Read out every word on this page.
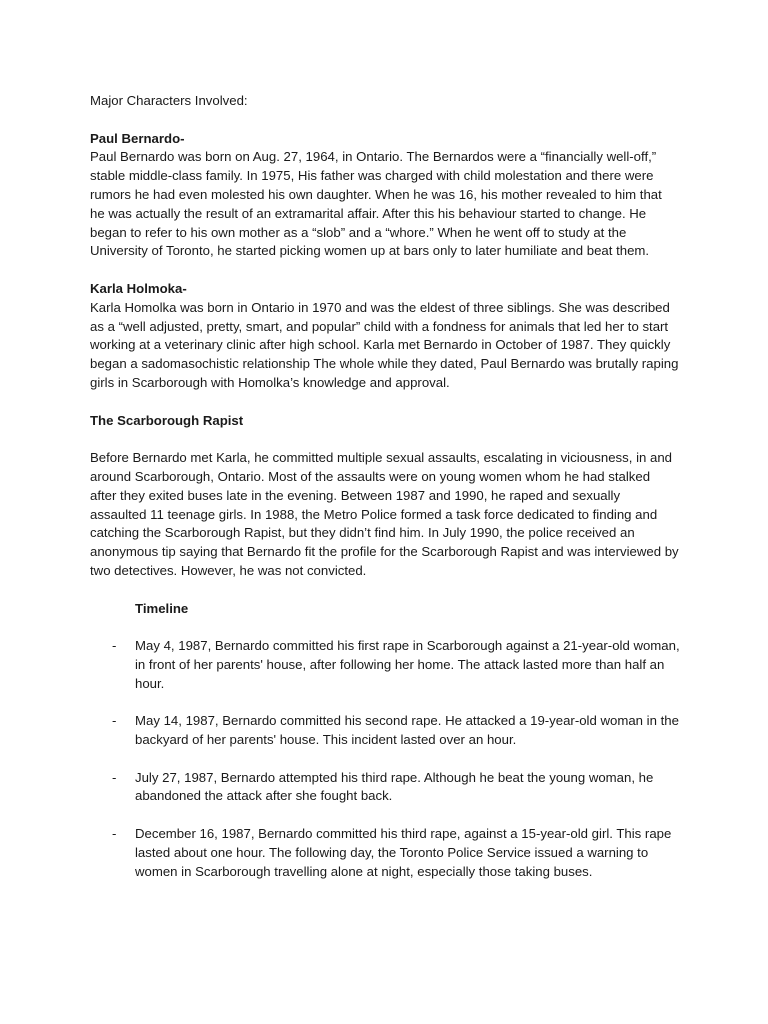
Major Characters Involved:

Paul Bernardo-

Paul Bernardo was born on Aug. 27, 1964, in Ontario. The Bernardos were a “financially well-off,” stable middle-class family. In 1975, His father was charged with child molestation and there were rumors he had even molested his own daughter. When he was 16, his mother revealed to him that he was actually the result of an extramarital affair. After this his behaviour started to change. He began to refer to his own mother as a “slob” and a “whore.” When he went off to study at the University of Toronto, he started picking women up at bars only to later humiliate and beat them.

Karla Holmoka-

Karla Homolka was born in Ontario in 1970 and was the eldest of three siblings. She was described as a “well adjusted, pretty, smart, and popular” child with a fondness for animals that led her to start working at a veterinary clinic after high school. Karla met Bernardo in October of 1987. They quickly began a sadomasochistic relationship The whole while they dated, Paul Bernardo was brutally raping girls in Scarborough with Homolka’s knowledge and approval.

The Scarborough Rapist

Before Bernardo met Karla, he committed multiple sexual assaults, escalating in viciousness, in and around Scarborough, Ontario. Most of the assaults were on young women whom he had stalked after they exited buses late in the evening. Between 1987 and 1990, he raped and sexually assaulted 11 teenage girls. In 1988, the Metro Police formed a task force dedicated to finding and catching the Scarborough Rapist, but they didn’t find him. In July 1990, the police received an anonymous tip saying that Bernardo fit the profile for the Scarborough Rapist and was interviewed by two detectives. However, he was not convicted.

Timeline

- May 4, 1987, Bernardo committed his first rape in Scarborough against a 21-year-old woman, in front of her parents' house, after following her home. The attack lasted more than half an hour.
- May 14, 1987, Bernardo committed his second rape. He attacked a 19-year-old woman in the backyard of her parents' house. This incident lasted over an hour.
- July 27, 1987, Bernardo attempted his third rape. Although he beat the young woman, he abandoned the attack after she fought back.
- December 16, 1987, Bernardo committed his third rape, against a 15-year-old girl. This rape lasted about one hour. The following day, the Toronto Police Service issued a warning to women in Scarborough travelling alone at night, especially those taking buses.
